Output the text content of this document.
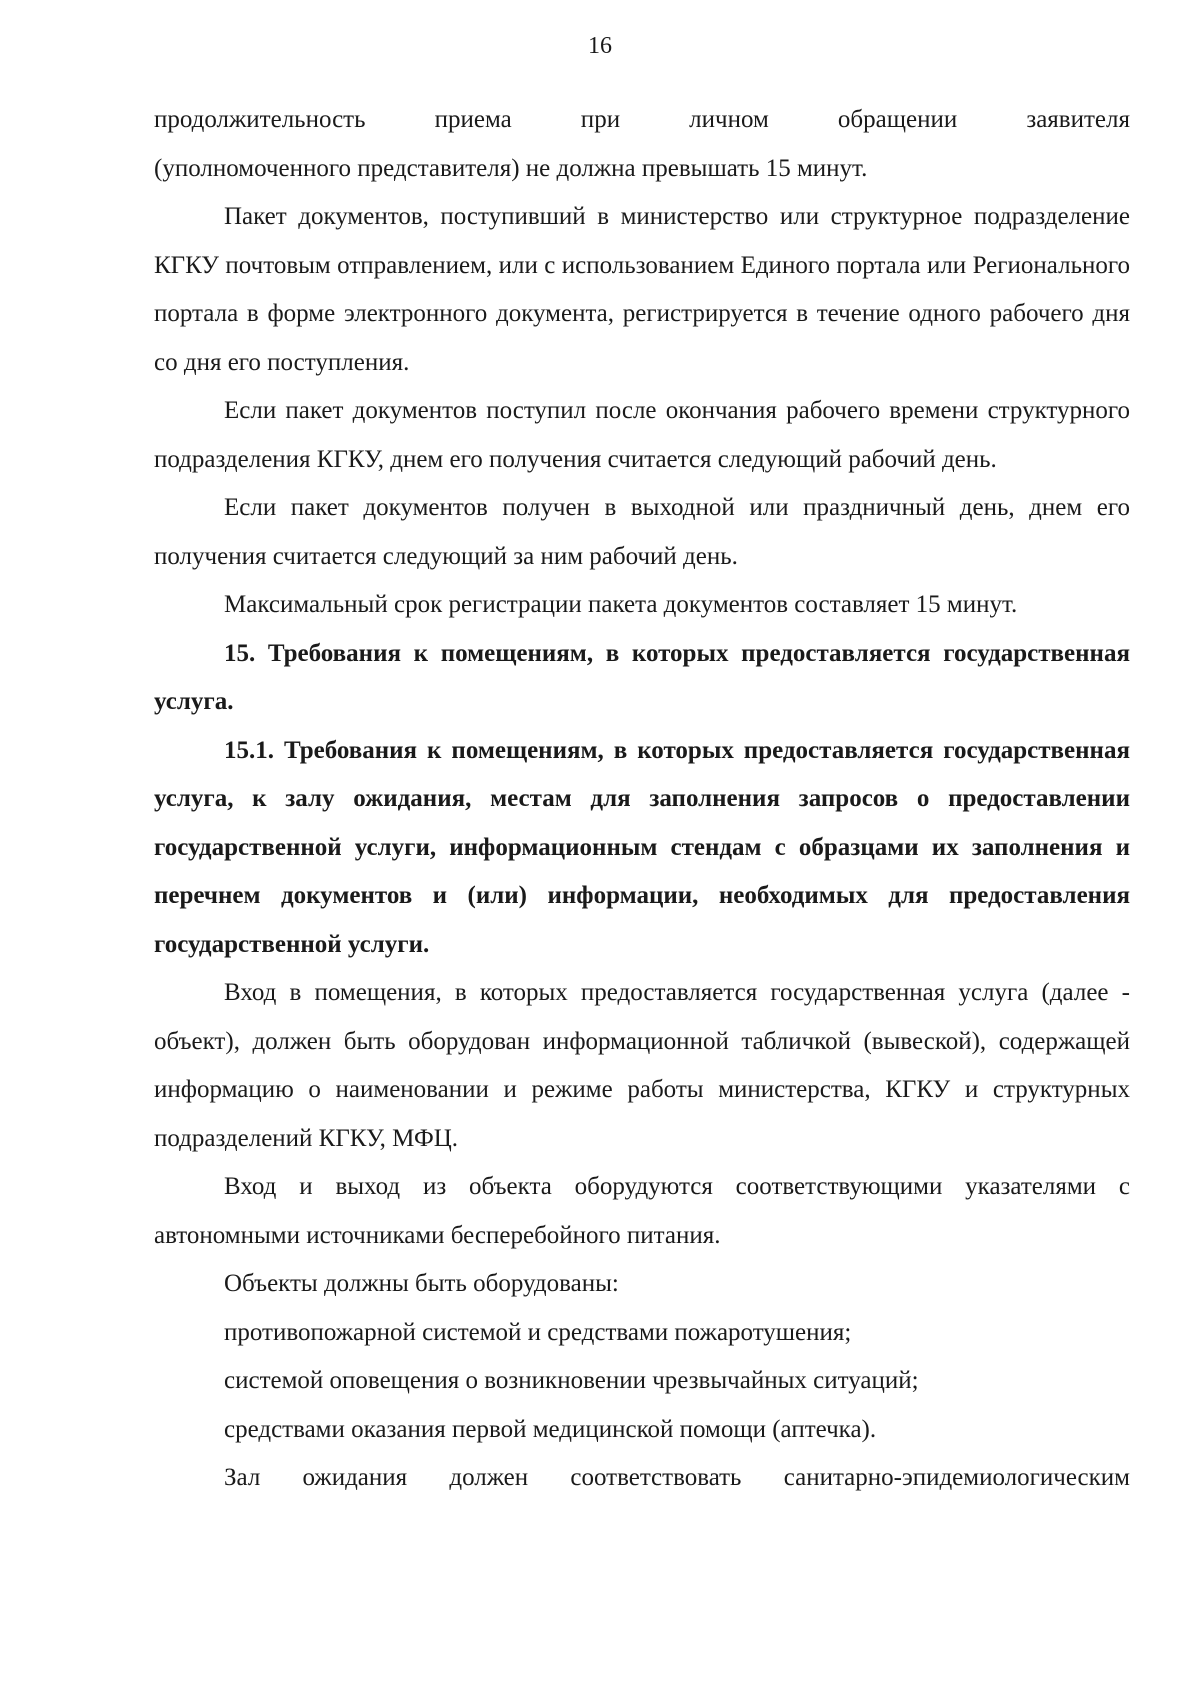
16

продолжительность приема при личном обращении заявителя

(уполномоченного представителя) не должна превышать 15 минут.

Пакет документов, поступивший в министерство или структурное подразделение КГКУ почтовым отправлением, или с использованием Единого портала или Регионального портала в форме электронного документа, регистрируется в течение одного рабочего дня со дня его поступления.

Если пакет документов поступил после окончания рабочего времени структурного подразделения КГКУ, днем его получения считается следующий рабочий день.

Если пакет документов получен в выходной или праздничный день, днем его получения считается следующий за ним рабочий день.

Максимальный срок регистрации пакета документов составляет 15 минут.

15. Требования к помещениям, в которых предоставляется государственная услуга.

15.1. Требования к помещениям, в которых предоставляется государственная услуга, к залу ожидания, местам для заполнения запросов о предоставлении государственной услуги, информационным стендам с образцами их заполнения и перечнем документов и (или) информации, необходимых для предоставления государственной услуги.

Вход в помещения, в которых предоставляется государственная услуга (далее - объект), должен быть оборудован информационной табличкой (вывеской), содержащей информацию о наименовании и режиме работы министерства, КГКУ и структурных подразделений КГКУ, МФЦ.

Вход и выход из объекта оборудуются соответствующими указателями с автономными источниками бесперебойного питания.

Объекты должны быть оборудованы:

противопожарной системой и средствами пожаротушения;

системой оповещения о возникновении чрезвычайных ситуаций;

средствами оказания первой медицинской помощи (аптечка).

Зал ожидания должен соответствовать санитарно-эпидемиологическим
